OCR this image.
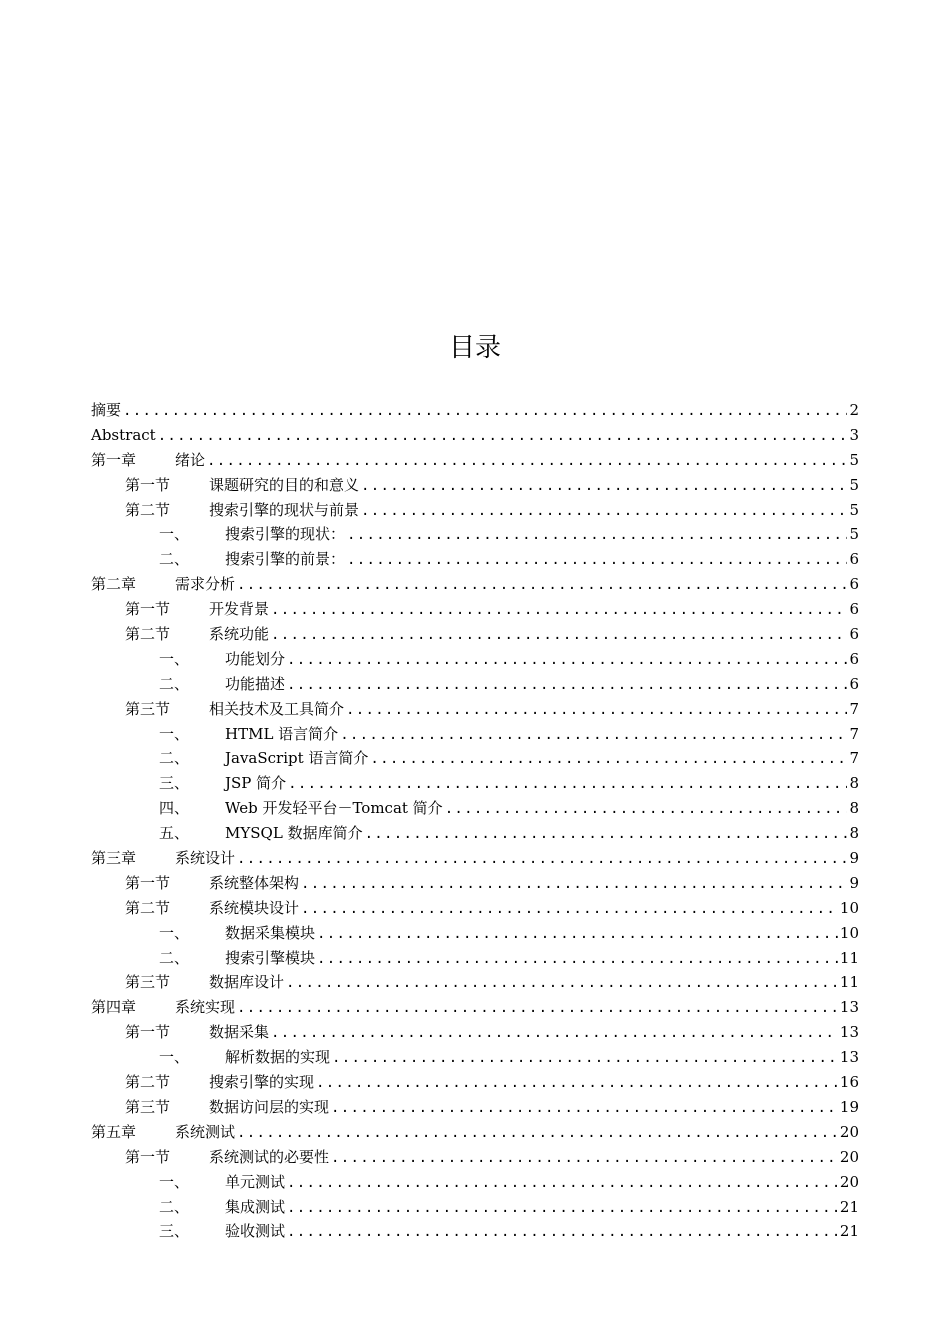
目录
摘要 .....	2
Abstract .....	3
第一章	绪论 .....	5
第一节	课题研究的目的和意义 .....	5
第二节	搜索引擎的现状与前景 .....	5
一、	搜索引擎的现状： .....	5
二、	搜索引擎的前景： .....	6
第二章	需求分析 .....	6
第一节	开发背景 .....	6
第二节	系统功能 .....	6
一、	功能划分 .....	6
二、	功能描述 .....	6
第三节	相关技术及工具简介 .....	7
一、	HTML 语言简介 .....	7
二、	JavaScript 语言简介 .....	7
三、	JSP 简介 .....	8
四、	Web 开发轻平台－Tomcat 简介 .....	8
五、	MYSQL 数据库简介 .....	8
第三章	系统设计 .....	9
第一节	系统整体架构 .....	9
第二节	系统模块设计 .....	10
一、	数据采集模块 .....	10
二、	搜索引擎模块 .....	11
第三节	数据库设计 .....	11
第四章	系统实现 .....	13
第一节	数据采集 .....	13
一、	解析数据的实现 .....	13
第二节	搜索引擎的实现 .....	16
第三节	数据访问层的实现 .....	19
第五章	系统测试 .....	20
第一节	系统测试的必要性 .....	20
一、	单元测试 .....	20
二、	集成测试 .....	21
三、	验收测试 .....	21
